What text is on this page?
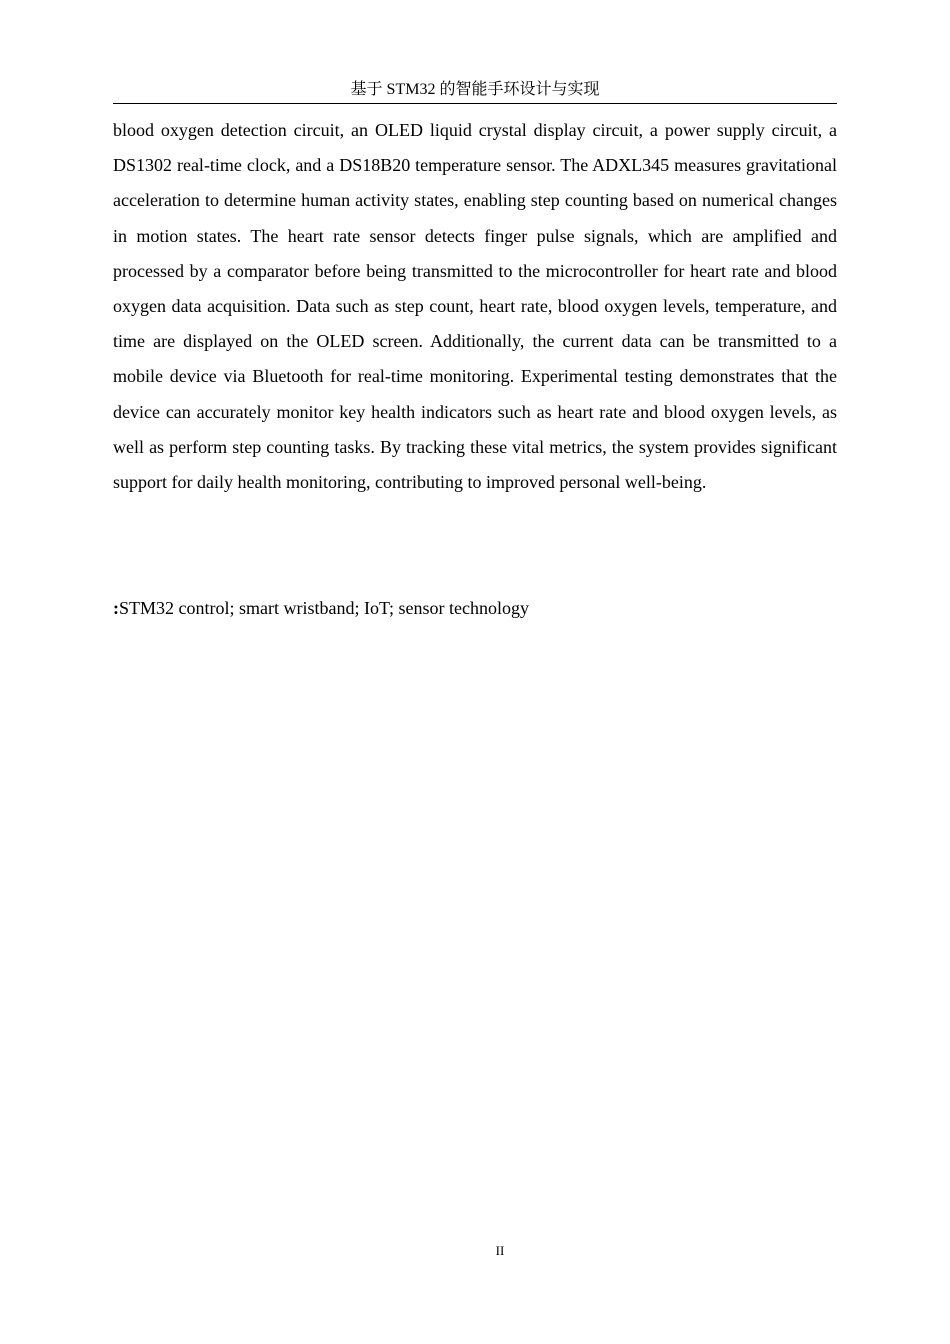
基于 STM32 的智能手环设计与实现

blood oxygen detection circuit, an OLED liquid crystal display circuit, a power supply circuit, a DS1302 real-time clock, and a DS18B20 temperature sensor. The ADXL345 measures gravitational acceleration to determine human activity states, enabling step counting based on numerical changes in motion states. The heart rate sensor detects finger pulse signals, which are amplified and processed by a comparator before being transmitted to the microcontroller for heart rate and blood oxygen data acquisition. Data such as step count, heart rate, blood oxygen levels, temperature, and time are displayed on the OLED screen. Additionally, the current data can be transmitted to a mobile device via Bluetooth for real-time monitoring. Experimental testing demonstrates that the device can accurately monitor key health indicators such as heart rate and blood oxygen levels, as well as perform step counting tasks. By tracking these vital metrics, the system provides significant support for daily health monitoring, contributing to improved personal well-being.

:STM32 control; smart wristband; IoT; sensor technology

II
